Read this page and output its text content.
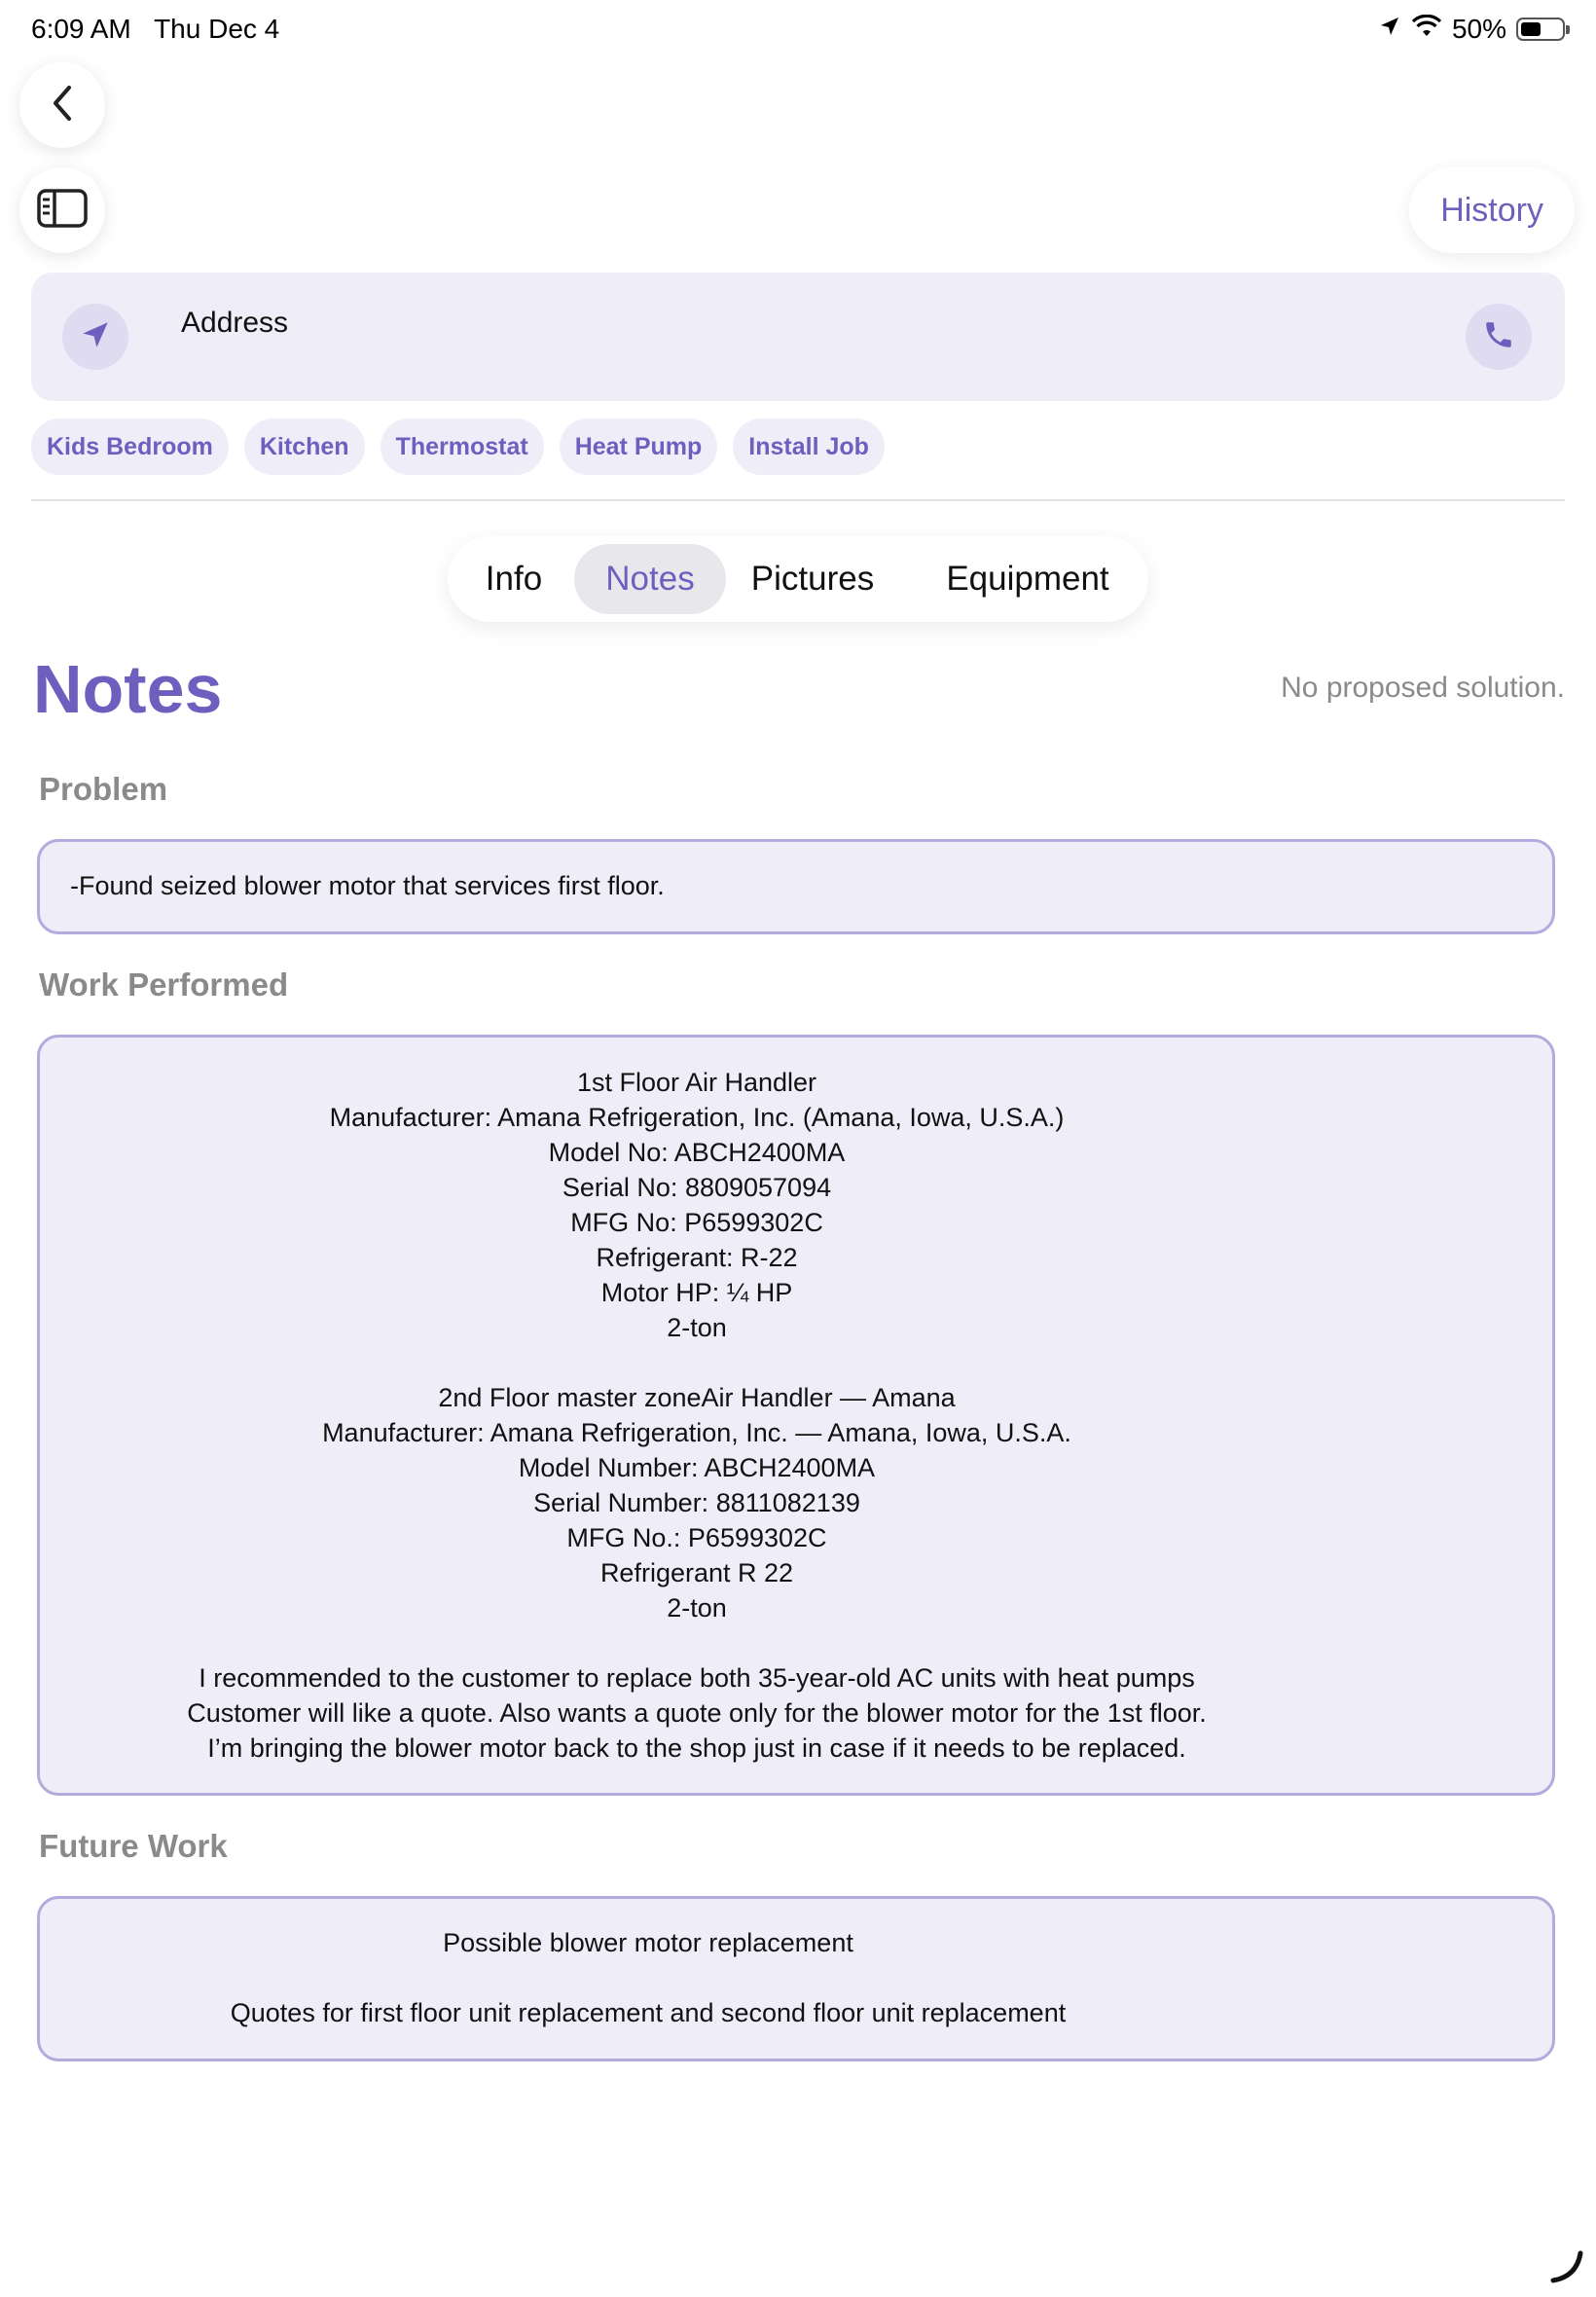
6:09 AM Thu Dec 4	50%
History
Address
Kids Bedroom	Kitchen	Thermostat	Heat Pump	Install Job
Info	Notes	Pictures	Equipment
Notes	No proposed solution.
Problem
-Found seized blower motor that services first floor.
Work Performed
1st Floor Air Handler
Manufacturer: Amana Refrigeration, Inc. (Amana, Iowa, U.S.A.)
Model No: ABCH2400MA
Serial No: 8809057094
MFG No: P6599302C
Refrigerant: R-22
Motor HP: ¼ HP
2-ton
2nd Floor master zoneAir Handler — Amana
Manufacturer: Amana Refrigeration, Inc. — Amana, Iowa, U.S.A.
Model Number: ABCH2400MA
Serial Number: 8811082139
MFG No.: P6599302C
Refrigerant R 22
2-ton
I recommended to the customer to replace both 35-year-old AC units with heat pumps
Customer will like a quote. Also wants a quote only for the blower motor for the 1st floor.
I’m bringing the blower motor back to the shop just in case if it needs to be replaced.
Future Work
Possible blower motor replacement
Quotes for first floor unit replacement and second floor unit replacement
